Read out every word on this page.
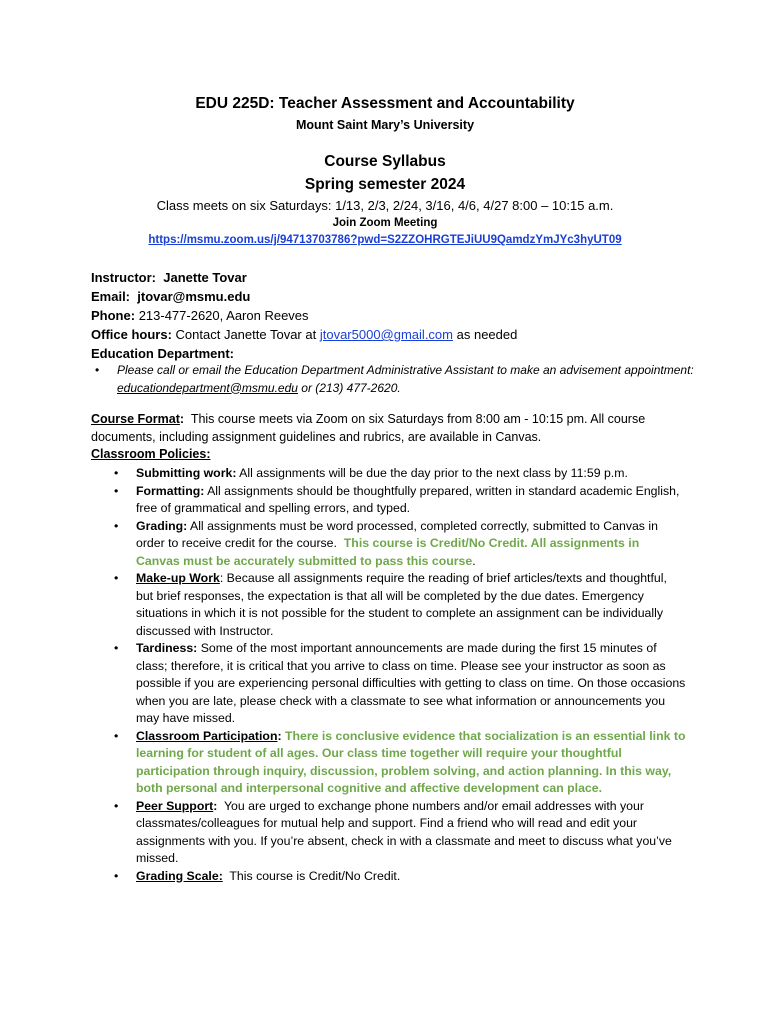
EDU 225D: Teacher Assessment and Accountability
Mount Saint Mary’s University
Course Syllabus
Spring semester 2024
Class meets on six Saturdays: 1/13, 2/3, 2/24, 3/16, 4/6, 4/27 8:00 – 10:15 a.m.
Join Zoom Meeting
https://msmu.zoom.us/j/94713703786?pwd=S2ZZOHRGTEJiUU9QamdzYmJYc3hyUT09
Instructor: Janette Tovar
Email: jtovar@msmu.edu
Phone: 213-477-2620, Aaron Reeves
Office hours: Contact Janette Tovar at jtovar5000@gmail.com as needed
Education Department:
• Please call or email the Education Department Administrative Assistant to make an advisement appointment: educationdepartment@msmu.edu or (213) 477-2620.
Course Format: This course meets via Zoom on six Saturdays from 8:00 am - 10:15 pm. All course documents, including assignment guidelines and rubrics, are available in Canvas.
Classroom Policies:
• Submitting work: All assignments will be due the day prior to the next class by 11:59 p.m.
• Formatting: All assignments should be thoughtfully prepared, written in standard academic English, free of grammatical and spelling errors, and typed.
• Grading: All assignments must be word processed, completed correctly, submitted to Canvas in order to receive credit for the course. This course is Credit/No Credit. All assignments in Canvas must be accurately submitted to pass this course.
• Make-up Work: Because all assignments require the reading of brief articles/texts and thoughtful, but brief responses, the expectation is that all will be completed by the due dates. Emergency situations in which it is not possible for the student to complete an assignment can be individually discussed with Instructor.
• Tardiness: Some of the most important announcements are made during the first 15 minutes of class; therefore, it is critical that you arrive to class on time. Please see your instructor as soon as possible if you are experiencing personal difficulties with getting to class on time. On those occasions when you are late, please check with a classmate to see what information or announcements you may have missed.
• Classroom Participation: There is conclusive evidence that socialization is an essential link to learning for student of all ages. Our class time together will require your thoughtful participation through inquiry, discussion, problem solving, and action planning. In this way, both personal and interpersonal cognitive and affective development can place.
• Peer Support: You are urged to exchange phone numbers and/or email addresses with your classmates/colleagues for mutual help and support. Find a friend who will read and edit your assignments with you. If you’re absent, check in with a classmate and meet to discuss what you’ve missed.
• Grading Scale: This course is Credit/No Credit.
